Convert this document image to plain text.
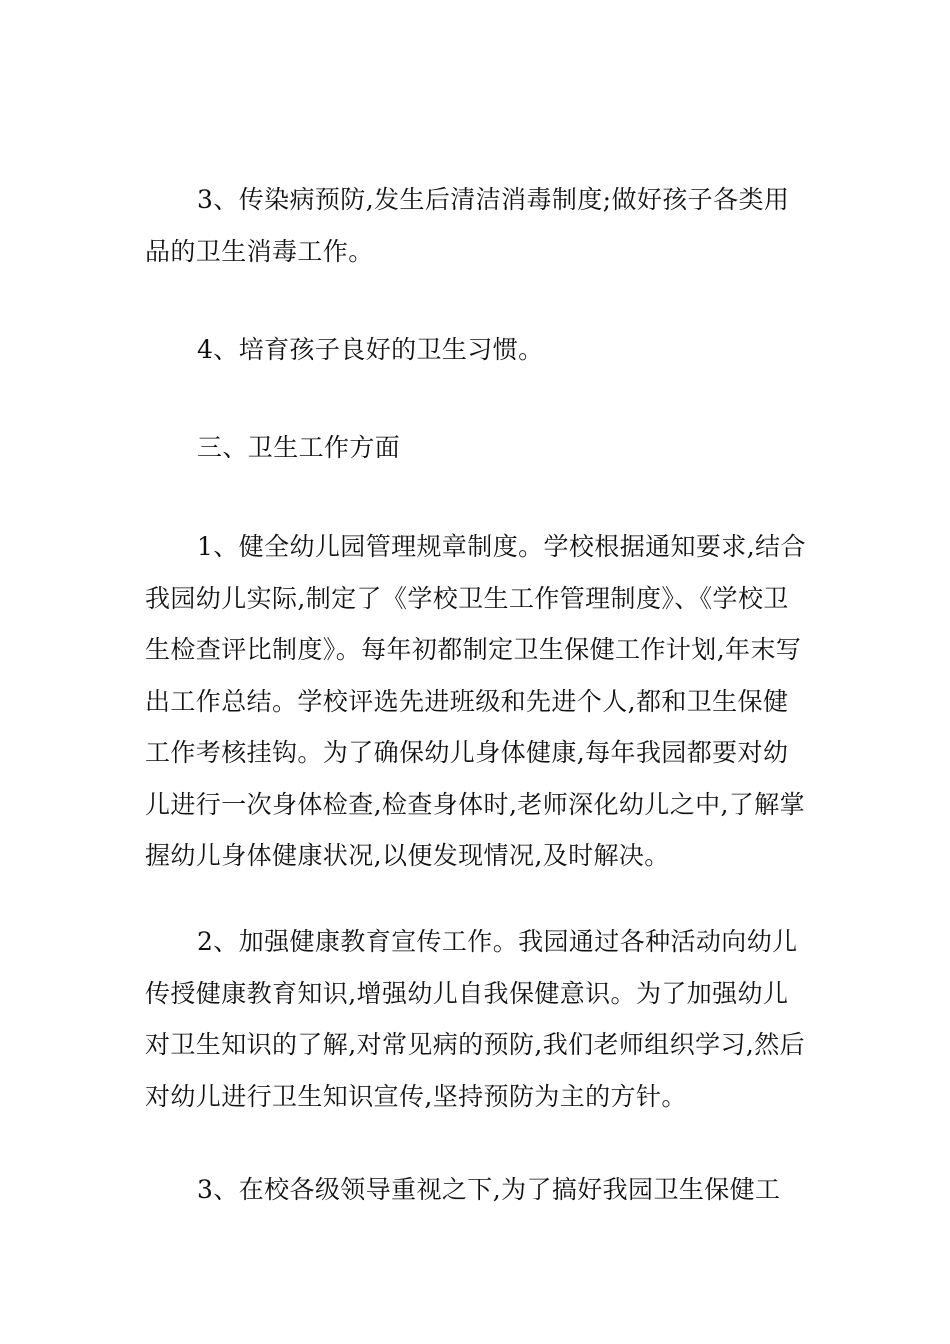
3、传染病预防,发生后清洁消毒制度;做好孩子各类用品的卫生消毒工作。

4、培育孩子良好的卫生习惯。

三、卫生工作方面

1、健全幼儿园管理规章制度。学校根据通知要求,结合我园幼儿实际,制定了《学校卫生工作管理制度》、《学校卫生检查评比制度》。每年初都制定卫生保健工作计划,年末写出工作总结。学校评选先进班级和先进个人,都和卫生保健工作考核挂钩。为了确保幼儿身体健康,每年我园都要对幼儿进行一次身体检查,检查身体时,老师深化幼儿之中,了解掌握幼儿身体健康状况,以便发现情况,及时解决。

2、加强健康教育宣传工作。我园通过各种活动向幼儿传授健康教育知识,增强幼儿自我保健意识。为了加强幼儿对卫生知识的了解,对常见病的预防,我们老师组织学习,然后对幼儿进行卫生知识宣传,坚持预防为主的方针。

3、在校各级领导重视之下,为了搞好我园卫生保健工
